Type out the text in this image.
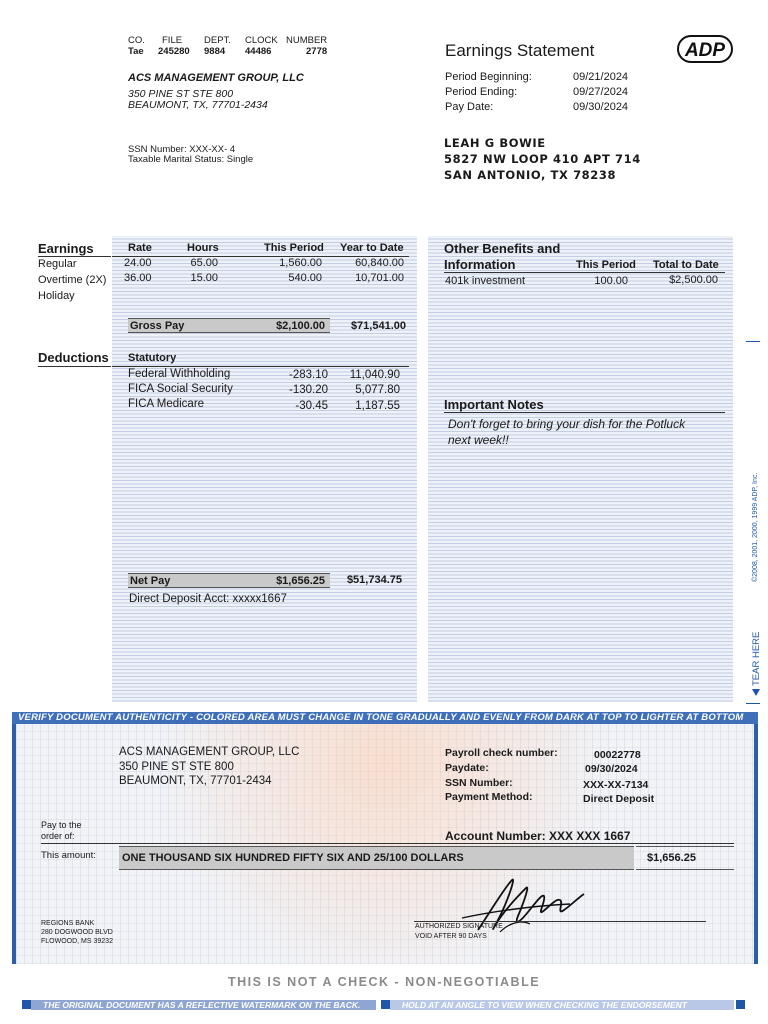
CO. FILE DEPT. CLOCK NUMBER
Tae 245280 9884 44486	2778
ACS MANAGEMENT GROUP, LLC
350 PINE ST STE 800
BEAUMONT, TX, 77701-2434
SSN Number: XXX-XX- 4
Taxable Marital Status: Single
Earnings Statement	ADP
Period Beginning:	09/21/2024
Period Ending:	09/27/2024
Pay Date:	09/30/2024
LEAH G BOWIE
5827 NW LOOP 410 APT 714
SAN ANTONIO, TX 78238
Earnings	Rate	Hours	This Period Year to Date
Regular	24.00	65.00	1,560.00	60,840.00
Overtime (2X) 36.00	15.00	540.00	10,701.00
Holiday
Gross Pay	$2,100.00	$71,541.00
Deductions Statutory
Federal Withholding	-283.10	11,040.90
FICA Social Security	-130.20	5,077.80
FICA Medicare	-30.45	1,187.55
Net Pay	$1,656.25	$51,734.75
Direct Deposit Acct: xxxxx1667
Other Benefits and
Information	This Period Total to Date
401k investment	100.00	$2,500.00
Important Notes
Don't forget to bring your dish for the Potluck
next week!!
©2008, 2001, 2000, 1999 ADP, Inc.
TEAR HERE
VERIFY DOCUMENT AUTHENTICITY - COLORED AREA MUST CHANGE IN TONE GRADUALLY AND EVENLY FROM DARK AT TOP TO LIGHTER AT BOTTOM
ACS MANAGEMENT GROUP, LLC
350 PINE ST STE 800
BEAUMONT, TX, 77701-2434
Payroll check number:	00022778
Paydate:	09/30/2024
SSN Number:	XXX-XX-7134
Payment Method:	Direct Deposit
Pay to the
order of:	Account Number: XXX XXX 1667
This amount: ONE THOUSAND SIX HUNDRED FIFTY SIX AND 25/100 DOLLARS	$1,656.25
REGIONS BANK
280 DOGWOOD BLVD
FLOWOOD, MS 39232
AUTHORIZED SIGNATURE
VOID AFTER 90 DAYS
THIS IS NOT A CHECK - NON-NEGOTIABLE
THE ORIGINAL DOCUMENT HAS A REFLECTIVE WATERMARK ON THE BACK.	HOLD AT AN ANGLE TO VIEW WHEN CHECKING THE ENDORSEMENT
